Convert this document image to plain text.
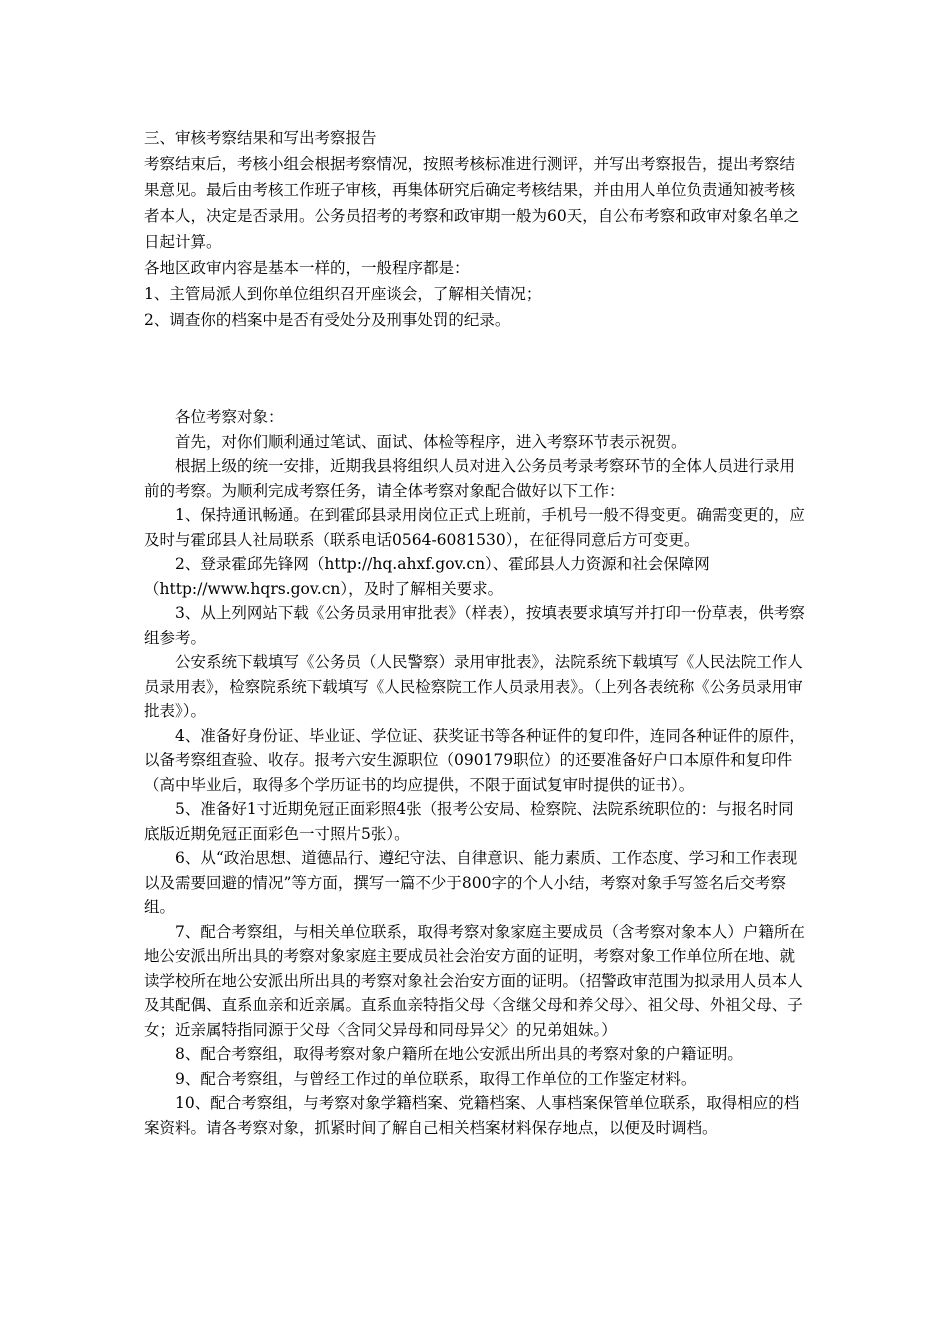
三、审核考察结果和写出考察报告

考察结束后，考核小组会根据考察情况，按照考核标准进行测评，并写出考察报告，提出考察结果意见。最后由考核工作班子审核，再集体研究后确定考核结果，并由用人单位负责通知被考核者本人，决定是否录用。公务员招考的考察和政审期一般为60天，自公布考察和政审对象名单之日起计算。

各地区政审内容是基本一样的，一般程序都是：

1、主管局派人到你单位组织召开座谈会，了解相关情况；

2、调查你的档案中是否有受处分及刑事处罚的纪录。

各位考察对象：

首先，对你们顺利通过笔试、面试、体检等程序，进入考察环节表示祝贺。

根据上级的统一安排，近期我县将组织人员对进入公务员考录考察环节的全体人员进行录用前的考察。为顺利完成考察任务，请全体考察对象配合做好以下工作：

1、保持通讯畅通。在到霍邱县录用岗位正式上班前，手机号一般不得变更。确需变更的，应及时与霍邱县人社局联系（联系电话0564-6081530），在征得同意后方可变更。

2、登录霍邱先锋网（http://hq.ahxf.gov.cn）、霍邱县人力资源和社会保障网（http://www.hqrs.gov.cn），及时了解相关要求。

3、从上列网站下载《公务员录用审批表》（样表），按填表要求填写并打印一份草表，供考察组参考。

公安系统下载填写《公务员（人民警察）录用审批表》，法院系统下载填写《人民法院工作人员录用表》，检察院系统下载填写《人民检察院工作人员录用表》。（上列各表统称《公务员录用审批表》）。

4、准备好身份证、毕业证、学位证、获奖证书等各种证件的复印件，连同各种证件的原件，以备考察组查验、收存。报考六安生源职位（090179职位）的还要准备好户口本原件和复印件（高中毕业后，取得多个学历证书的均应提供，不限于面试复审时提供的证书）。

5、准备好1寸近期免冠正面彩照4张（报考公安局、检察院、法院系统职位的：与报名时同底版近期免冠正面彩色一寸照片5张）。

6、从“政治思想、道德品行、遵纪守法、自律意识、能力素质、工作态度、学习和工作表现以及需要回避的情况”等方面，撰写一篇不少于800字的个人小结，考察对象手写签名后交考察组。

7、配合考察组，与相关单位联系，取得考察对象家庭主要成员（含考察对象本人）户籍所在地公安派出所出具的考察对象家庭主要成员社会治安方面的证明，考察对象工作单位所在地、就读学校所在地公安派出所出具的考察对象社会治安方面的证明。（招警政审范围为拟录用人员本人及其配偶、直系血亲和近亲属。直系血亲特指父母〈含继父母和养父母〉、祖父母、外祖父母、子女；近亲属特指同源于父母〈含同父异母和同母异父〉的兄弟姐妹。）

8、配合考察组，取得考察对象户籍所在地公安派出所出具的考察对象的户籍证明。

9、配合考察组，与曾经工作过的单位联系，取得工作单位的工作鉴定材料。

10、配合考察组，与考察对象学籍档案、党籍档案、人事档案保管单位联系，取得相应的档案资料。请各考察对象，抓紧时间了解自己相关档案材料保存地点，以便及时调档。
